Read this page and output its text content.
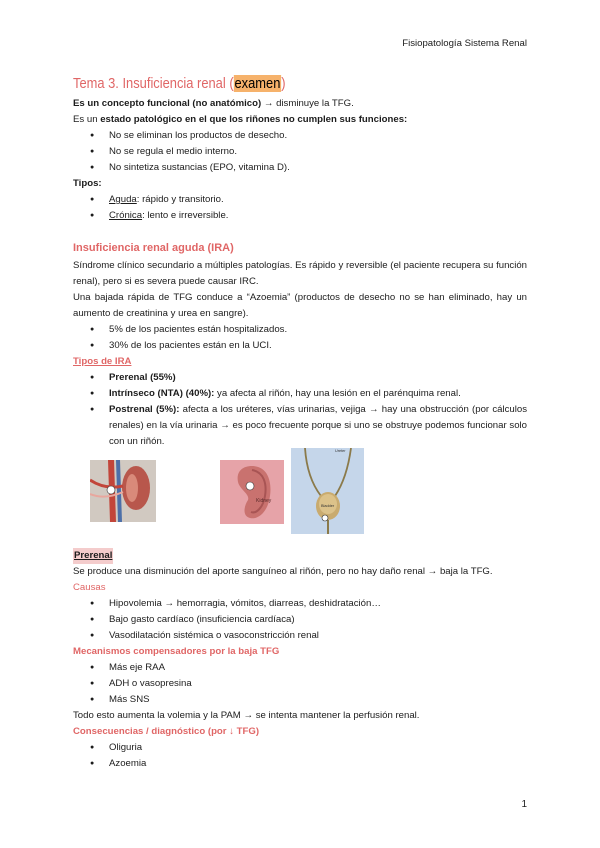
Fisiopatología Sistema Renal
Tema 3. Insuficiencia renal (examen)

Es un concepto funcional (no anatómico) → disminuye la TFG.

Es un estado patológico en el que los riñones no cumplen sus funciones:

● No se eliminan los productos de desecho.
● No se regula el medio interno.
● No sintetiza sustancias (EPO, vitamina D).

Tipos:

● Aguda: rápido y transitorio.
● Crónica: lento e irreversible.
Insuficiencia renal aguda (IRA)

Síndrome clínico secundario a múltiples patologías. Es rápido y reversible (el paciente recupera su función renal), pero si es severa puede causar IRC.

Una bajada rápida de TFG conduce a “Azoemia” (productos de desecho no se han eliminado, hay un aumento de creatinina y urea en sangre).

● 5% de los pacientes están hospitalizados.
● 30% de los pacientes están en la UCI.
Tipos de IRA
● Prerenal (55%)
● Intrínseco (NTA) (40%): ya afecta al riñón, hay una lesión en el parénquima renal.
● Postrenal (5%): afecta a los uréteres, vías urinarias, vejiga → hay una obstrucción (por cálculos renales) en la vía urinaria → es poco frecuente porque si uno se obstruye podemos funcionar solo con un riñón.
Kidney
Ureter
Bladder

Prerenal

Se produce una disminución del aporte sanguíneo al riñón, pero no hay daño renal → baja la TFG.

Causas
● Hipovolemia → hemorragia, vómitos, diarreas, deshidratación…
● Bajo gasto cardíaco (insuficiencia cardíaca)
● Vasodilatación sistémica o vasoconstricción renal
Mecanismos compensadores por la baja TFG
● Más eje RAA
● ADH o vasopresina
● Más SNS

Todo esto aumenta la volemia y la PAM → se intenta mantener la perfusión renal.

Consecuencias / diagnóstico (por ↓ TFG)
● Oliguria
● Azoemia
1
